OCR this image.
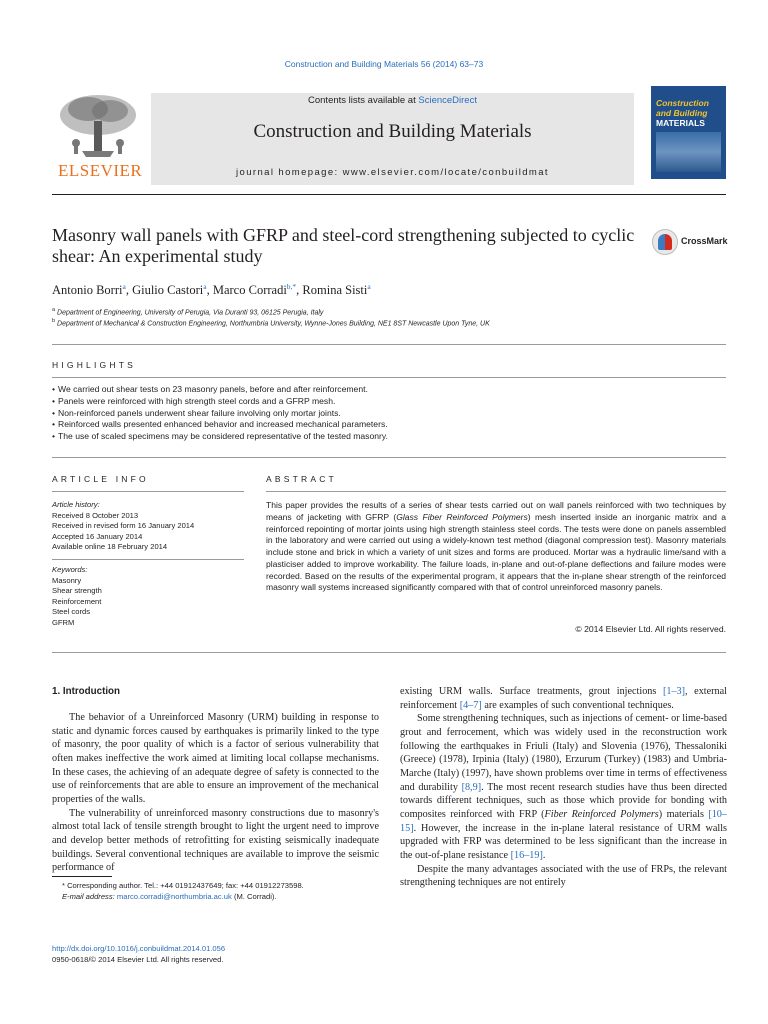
Construction and Building Materials 56 (2014) 63–73
ELSEVIER
Contents lists available at ScienceDirect
Construction and Building Materials
journal homepage: www.elsevier.com/locate/conbuildmat
Construction
and Building
MATERIALS
Masonry wall panels with GFRP and steel-cord strengthening subjected to cyclic shear: An experimental study
CrossMark
Antonio Borri$^a$, Giulio Castori$^a$, Marco Corradi$^{b,*}$, Romina Sisti$^a$
$^a$ Department of Engineering, University of Perugia, Via Duranti 93, 06125 Perugia, Italy
$^b$ Department of Mechanical & Construction Engineering, Northumbria University, Wynne-Jones Building, NE1 8ST Newcastle Upon Tyne, UK
HIGHLIGHTS
• We carried out shear tests on 23 masonry panels, before and after reinforcement.
• Panels were reinforced with high strength steel cords and a GFRP mesh.
• Non-reinforced panels underwent shear failure involving only mortar joints.
• Reinforced walls presented enhanced behavior and increased mechanical parameters.
• The use of scaled specimens may be considered representative of the tested masonry.
ARTICLE INFO
Article history:
Received 8 October 2013
Received in revised form 16 January 2014
Accepted 16 January 2014
Available online 18 February 2014
Keywords:
Masonry
Shear strength
Reinforcement
Steel cords
GFRM
ABSTRACT
This paper provides the results of a series of shear tests carried out on wall panels reinforced with two techniques by means of jacketing with GFRP (Glass Fiber Reinforced Polymers) mesh inserted inside an inorganic matrix and a reinforced repointing of mortar joints using high strength stainless steel cords. The tests were done on panels assembled in the laboratory and were carried out using a widely-known test method (diagonal compression test). Masonry materials include stone and brick in which a variety of unit sizes and forms are produced. Mortar was a hydraulic lime/sand with a plasticiser added to improve workability. The failure loads, in-plane and out-of-plane deflections and failure modes were recorded. Based on the results of the experimental program, it appears that the in-plane shear strength of the reinforced masonry wall systems increased significantly compared with that of control unreinforced masonry panels.
© 2014 Elsevier Ltd. All rights reserved.
1. Introduction

The behavior of a Unreinforced Masonry (URM) building in response to static and dynamic forces caused by earthquakes is primarily linked to the type of masonry, the poor quality of which is a factor of serious vulnerability that often makes ineffective the work aimed at limiting local collapse mechanisms. In these cases, the achieving of an adequate degree of safety is connected to the use of reinforcements that are able to ensure an improvement of the mechanical properties of the walls.

The vulnerability of unreinforced masonry constructions due to masonry's almost total lack of tensile strength brought to light the urgent need to improve and develop better methods of retrofitting for existing seismically inadequate buildings. Several conventional techniques are available to improve the seismic performance of

existing URM walls. Surface treatments, grout injections [1–3], external reinforcement [4–7] are examples of such conventional techniques.

Some strengthening techniques, such as injections of cement- or lime-based grout and ferrocement, which was widely used in the reconstruction work following the earthquakes in Friuli (Italy) and Slovenia (1976), Thessaloniki (Greece) (1978), Irpinia (Italy) (1980), Erzurum (Turkey) (1983) and Umbria-Marche (Italy) (1997), have shown problems over time in terms of effectiveness and durability [8,9]. The most recent research studies have thus been directed towards different techniques, such as those which provide for bonding with composites reinforced with FRP (Fiber Reinforced Polymers) materials [10–15]. However, the increase in the in-plane lateral resistance of URM walls upgraded with FRP was determined to be less significant than the increase in the out-of-plane resistance [16–19].

Despite the many advantages associated with the use of FRPs, the relevant strengthening techniques are not entirely

* Corresponding author. Tel.: +44 01912437649; fax: +44 01912273598.
E-mail address: marco.corradi@northumbria.ac.uk (M. Corradi).
http://dx.doi.org/10.1016/j.conbuildmat.2014.01.056
0950-0618/© 2014 Elsevier Ltd. All rights reserved.
